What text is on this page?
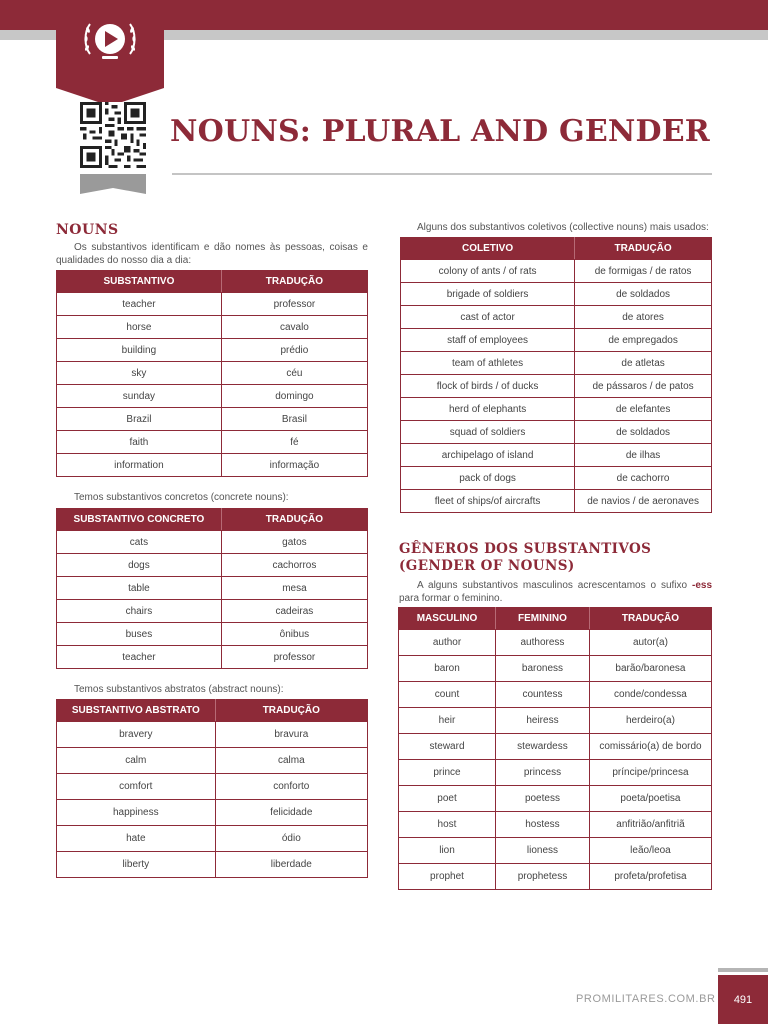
NOUNS: PLURAL AND GENDER
NOUNS

Os substantivos identificam e dão nomes às pessoas, coisas e qualidades do nosso dia a dia:

SUBSTANTIVO	TRADUÇÃO
teacher	professor
horse	cavalo
building	prédio
sky	céu
sunday	domingo
Brazil	Brasil
faith	fé
information	informação

Temos substantivos concretos (concrete nouns):

SUBSTANTIVO CONCRETO	TRADUÇÃO
cats	gatos
dogs	cachorros
table	mesa
chairs	cadeiras
buses	ônibus
teacher	professor

Temos substantivos abstratos (abstract nouns):

SUBSTANTIVO ABSTRATO	TRADUÇÃO
bravery	bravura
calm	calma
comfort	conforto
happiness	felicidade
hate	ódio
liberty	liberdade

Alguns dos substantivos coletivos (collective nouns) mais usados:

COLETIVO	TRADUÇÃO
colony of ants / of rats	de formigas / de ratos
brigade of soldiers	de soldados
cast of actor	de atores
staff of employees	de empregados
team of athletes	de atletas
flock of birds / of ducks	de pássaros / de patos
herd of elephants	de elefantes
squad of soldiers	de soldados
archipelago of island	de ilhas
pack of dogs	de cachorro
fleet of ships/of aircrafts	de navios / de aeronaves
GÊNEROS DOS SUBSTANTIVOS
(GENDER OF NOUNS)

A alguns substantivos masculinos acrescentamos o sufixo -ess para formar o feminino.

MASCULINO	FEMININO	TRADUÇÃO
author	authoress	autor(a)
baron	baroness	barão/baronesa
count	countess	conde/condessa
heir	heiress	herdeiro(a)
steward	stewardess	comissário(a) de bordo
prince	princess	príncipe/princesa
poet	poetess	poeta/poetisa
host	hostess	anfitrião/anfitriã
lion	lioness	leão/leoa
prophet	prophetess	profeta/profetisa
PROMILITARES.COM.BR 491
